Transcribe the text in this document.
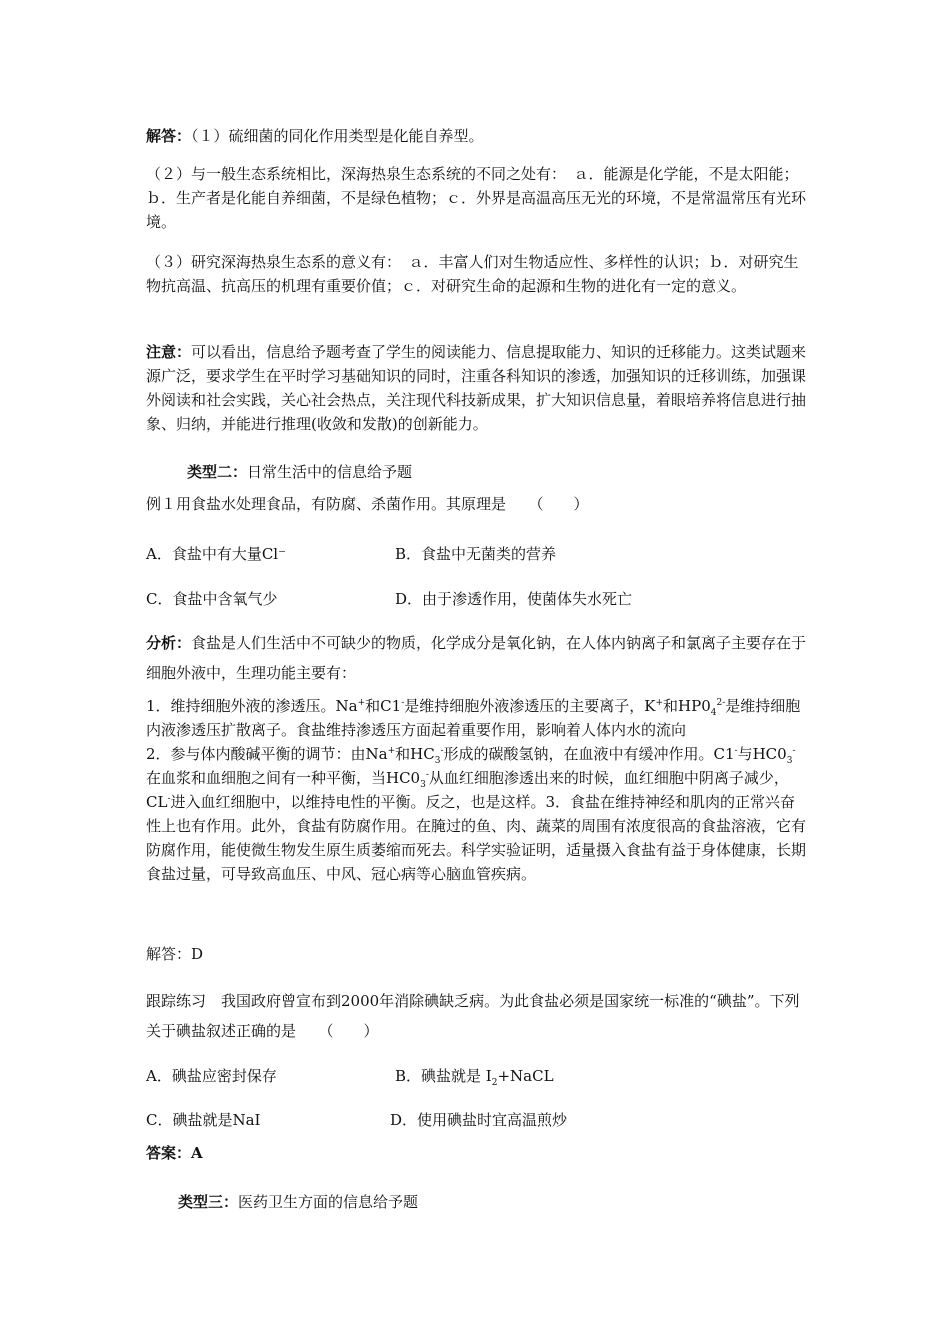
解答：（１）硫细菌的同化作用类型是化能自养型。
（２）与一般生态系统相比，深海热泉生态系统的不同之处有：　ａ．能源是化学能，不是太阳能；ｂ．生产者是化能自养细菌，不是绿色植物；ｃ．外界是高温高压无光的环境，不是常温常压有光环境。
（３）研究深海热泉生态系的意义有：　ａ．丰富人们对生物适应性、多样性的认识；ｂ．对研究生物抗高温、抗高压的机理有重要价值；ｃ．对研究生命的起源和生物的进化有一定的意义。
注意：可以看出，信息给予题考查了学生的阅读能力、信息提取能力、知识的迁移能力。这类试题来源广泛，要求学生在平时学习基础知识的同时，注重各科知识的渗透，加强知识的迁移训练，加强课外阅读和社会实践，关心社会热点，关注现代科技新成果，扩大知识信息量，着眼培养将信息进行抽象、归纳，并能进行推理(收敛和发散)的创新能力。
类型二：日常生活中的信息给予题
例１用食盐水处理食品，有防腐、杀菌作用。其原理是　　（　　）
A．食盐中有大量Cl⁻	B．食盐中无菌类的营养
C．食盐中含氧气少	D．由于渗透作用，使菌体失水死亡
分析：食盐是人们生活中不可缺少的物质，化学成分是氧化钠，在人体内钠离子和氯离子主要存在于细胞外液中，生理功能主要有：
1．维持细胞外液的渗透压。Na+和C1-是维持细胞外液渗透压的主要离子，K+和$HP0_4^{2-}$是维持细胞内液渗透压扩散离子。食盐维持渗透压方面起着重要作用，影响着人体内水的流向
2．参与体内酸碱平衡的调节：由Na+和$HC_3^-$形成的碳酸氢钠，在血液中有缓冲作用。C1-与$HC0_3^-$在血浆和血细胞之间有一种平衡，当$HC0_3^-$从血红细胞渗透出来的时候，血红细胞中阴离子减少，CL-进入血红细胞中，以维持电性的平衡。反之，也是这样。3．食盐在维持神经和肌肉的正常兴奋性上也有作用。此外，食盐有防腐作用。在腌过的鱼、肉、蔬菜的周围有浓度很高的食盐溶液，它有防腐作用，能使微生物发生原生质萎缩而死去。科学实验证明，适量摄入食盐有益于身体健康，长期食盐过量，可导致高血压、中风、冠心病等心脑血管疾病。
解答：D
跟踪练习　我国政府曾宣布到2000年消除碘缺乏病。为此食盐必须是国家统一标准的“碘盐”。下列关于碘盐叙述正确的是　　（　　）
A．碘盐应密封保存	B．碘盐就是 $I_2+NaCL$
C．碘盐就是NaI	D．使用碘盐时宜高温煎炒
答案：A
类型三：医药卫生方面的信息给予题
